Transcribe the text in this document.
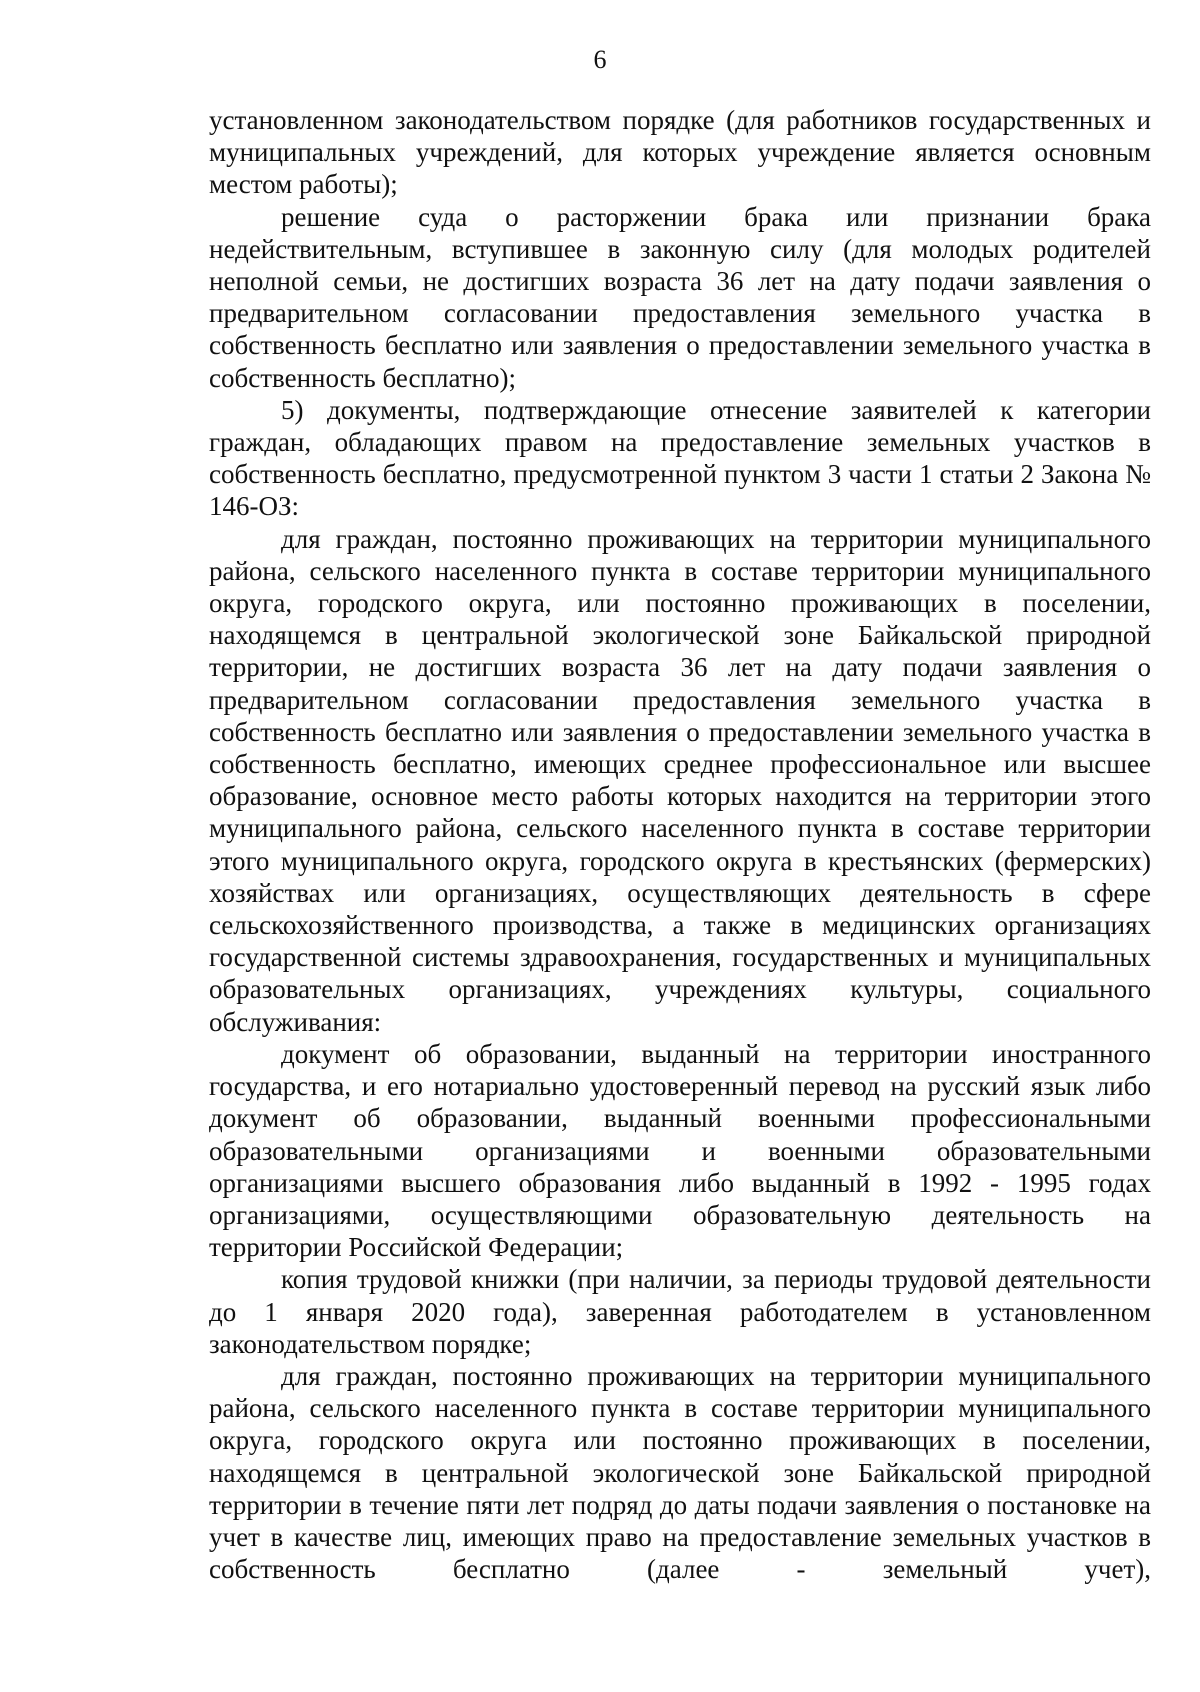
6

установленном законодательством порядке (для работников государственных и муниципальных учреждений, для которых учреждение является основным местом работы);

решение суда о расторжении брака или признании брака недействительным, вступившее в законную силу (для молодых родителей неполной семьи, не достигших возраста 36 лет на дату подачи заявления о предварительном согласовании предоставления земельного участка в собственность бесплатно или заявления о предоставлении земельного участка в собственность бесплатно);

5) документы, подтверждающие отнесение заявителей к категории граждан, обладающих правом на предоставление земельных участков в собственность бесплатно, предусмотренной пунктом 3 части 1 статьи 2 Закона № 146-ОЗ:

для граждан, постоянно проживающих на территории муниципального района, сельского населенного пункта в составе территории муниципального округа, городского округа, или постоянно проживающих в поселении, находящемся в центральной экологической зоне Байкальской природной территории, не достигших возраста 36 лет на дату подачи заявления о предварительном согласовании предоставления земельного участка в собственность бесплатно или заявления о предоставлении земельного участка в собственность бесплатно, имеющих среднее профессиональное или высшее образование, основное место работы которых находится на территории этого муниципального района, сельского населенного пункта в составе территории этого муниципального округа, городского округа в крестьянских (фермерских) хозяйствах или организациях, осуществляющих деятельность в сфере сельскохозяйственного производства, а также в медицинских организациях государственной системы здравоохранения, государственных и муниципальных образовательных организациях, учреждениях культуры, социального обслуживания:

документ об образовании, выданный на территории иностранного государства, и его нотариально удостоверенный перевод на русский язык либо документ об образовании, выданный военными профессиональными образовательными организациями и военными образовательными организациями высшего образования либо выданный в 1992 - 1995 годах организациями, осуществляющими образовательную деятельность на территории Российской Федерации;

копия трудовой книжки (при наличии, за периоды трудовой деятельности до 1 января 2020 года), заверенная работодателем в установленном законодательством порядке;

для граждан, постоянно проживающих на территории муниципального района, сельского населенного пункта в составе территории муниципального округа, городского округа или постоянно проживающих в поселении, находящемся в центральной экологической зоне Байкальской природной территории в течение пяти лет подряд до даты подачи заявления о постановке на учет в качестве лиц, имеющих право на предоставление земельных участков в собственность бесплатно (далее - земельный учет),
